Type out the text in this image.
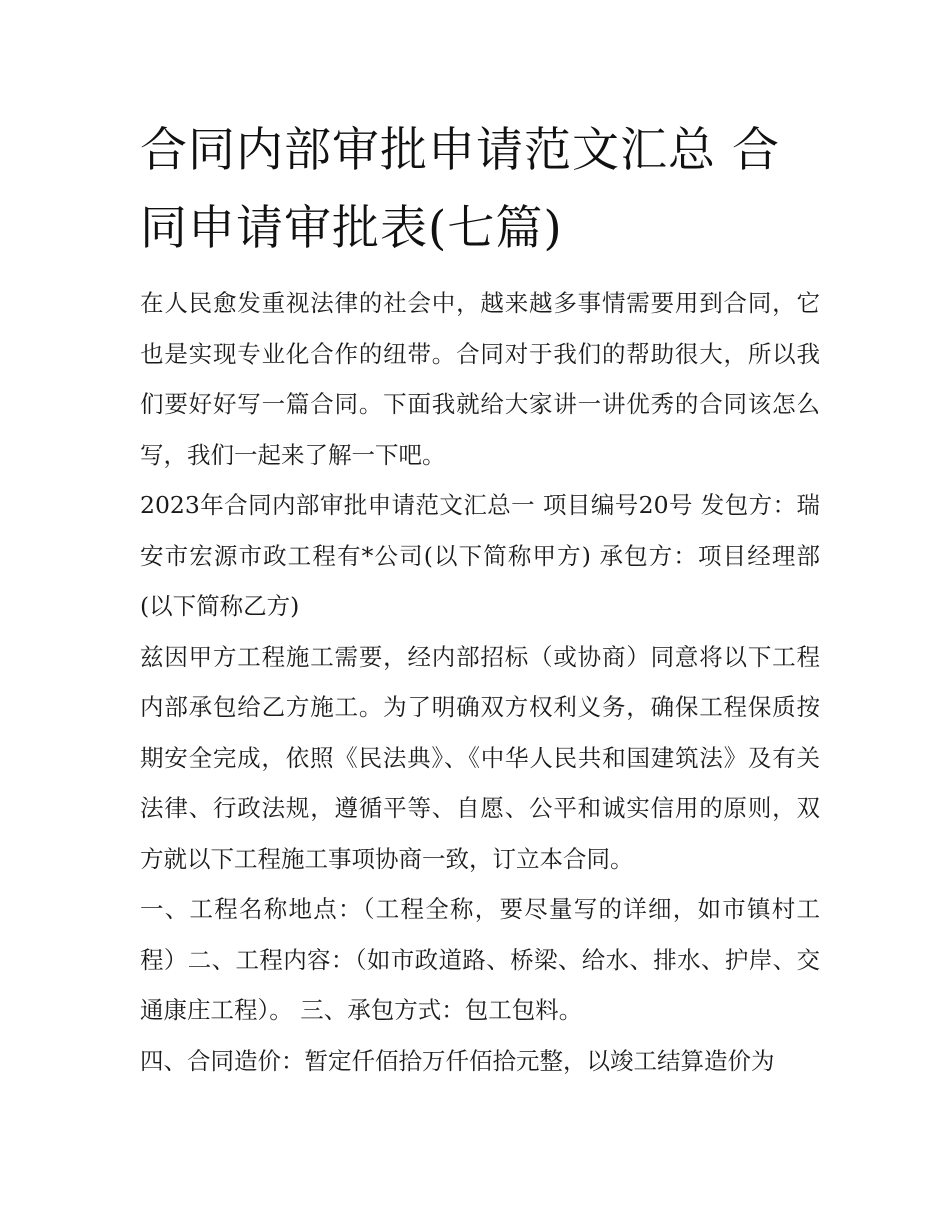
合同内部审批申请范文汇总 合同申请审批表(七篇)

在人民愈发重视法律的社会中，越来越多事情需要用到合同，它也是实现专业化合作的纽带。合同对于我们的帮助很大，所以我们要好好写一篇合同。下面我就给大家讲一讲优秀的合同该怎么写，我们一起来了解一下吧。

2023年合同内部审批申请范文汇总一 项目编号20号 发包方：瑞安市宏源市政工程有*公司(以下简称甲方) 承包方：项目经理部(以下简称乙方)

兹因甲方工程施工需要，经内部招标（或协商）同意将以下工程内部承包给乙方施工。为了明确双方权利义务，确保工程保质按期安全完成，依照《民法典》、《中华人民共和国建筑法》及有关法律、行政法规，遵循平等、自愿、公平和诚实信用的原则，双方就以下工程施工事项协商一致，订立本合同。

一、工程名称地点：（工程全称，要尽量写的详细，如市镇村工程）二、工程内容：（如市政道路、桥梁、给水、排水、护岸、交通康庄工程）。 三、承包方式：包工包料。

四、合同造价：暂定仟佰拾万仟佰拾元整，以竣工结算造价为
